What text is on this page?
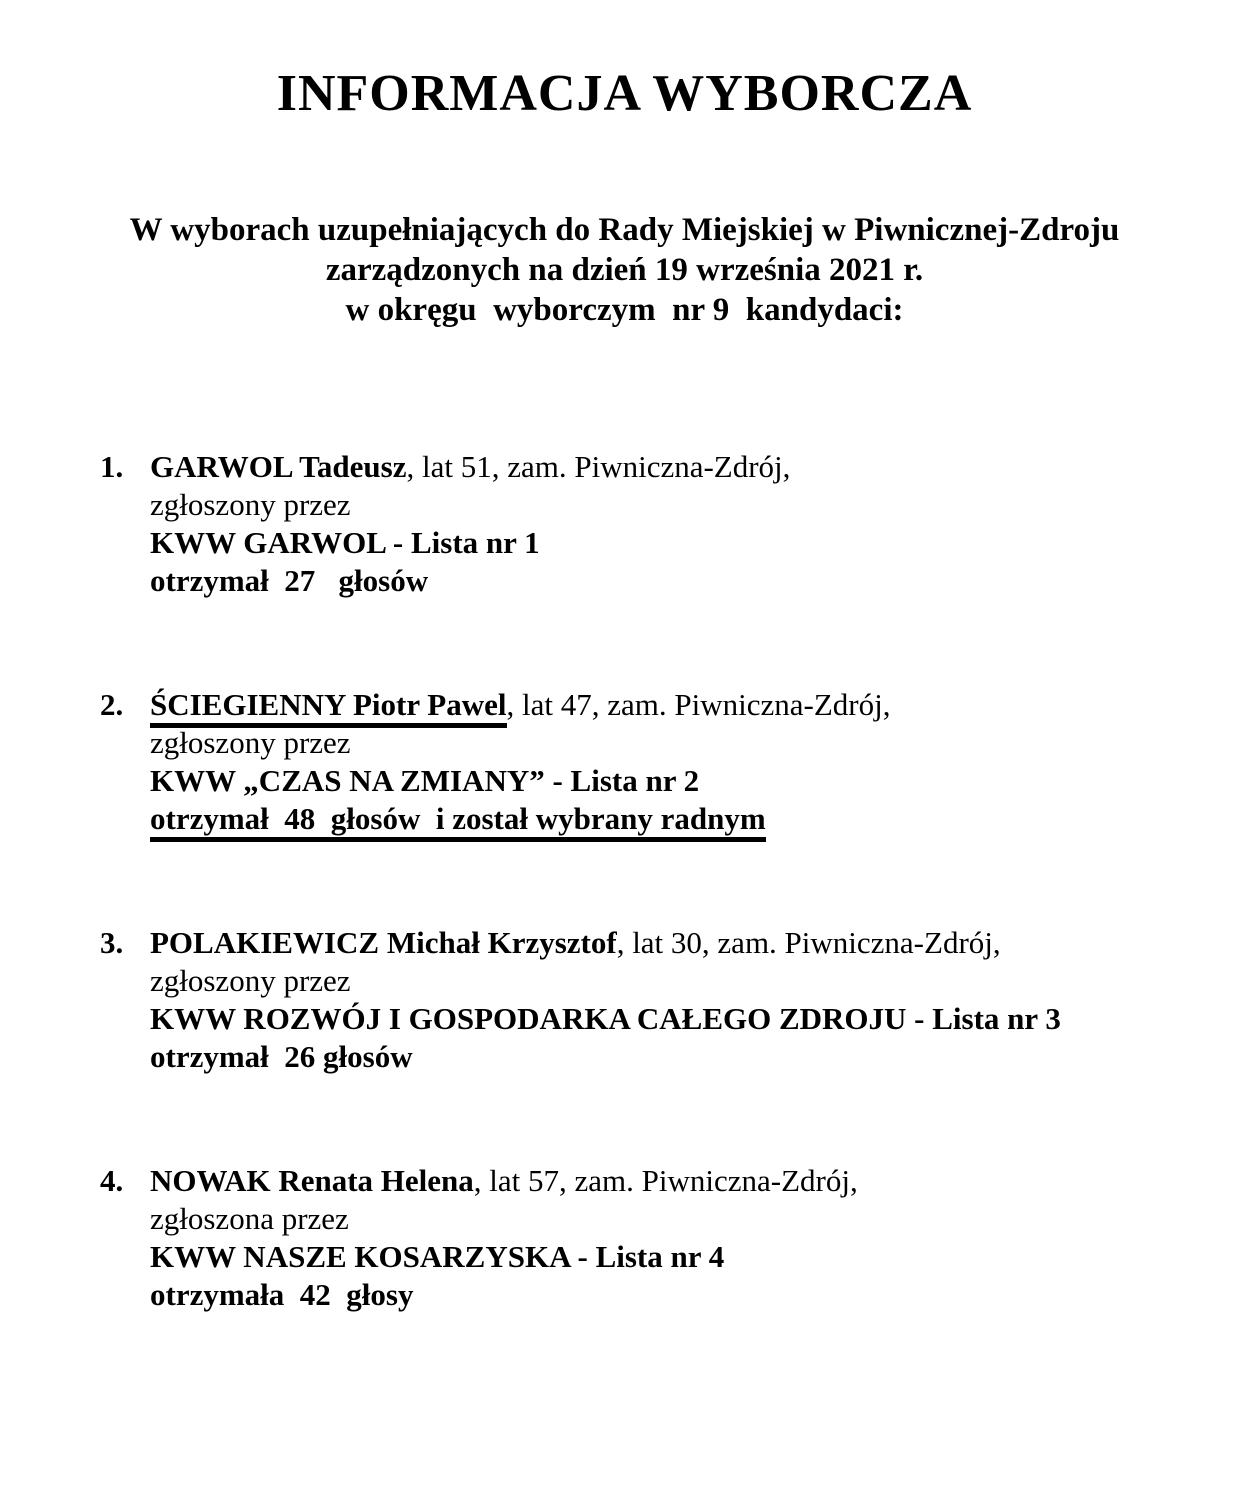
INFORMACJA WYBORCZA
W wyborach uzupełniających do Rady Miejskiej w Piwnicznej-Zdroju
zarządzonych na dzień 19 września 2021 r.
w okręgu  wyborczym  nr 9  kandydaci:
1. GARWOL Tadeusz, lat 51, zam. Piwniczna-Zdrój,
zgłoszony przez
KWW GARWOL - Lista nr 1
otrzymał  27   głosów
2. ŚCIEGIENNY Piotr Pawel, lat 47, zam. Piwniczna-Zdrój,
zgłoszony przez
KWW „CZAS NA ZMIANY” - Lista nr 2
otrzymał  48  głosów  i został wybrany radnym
3. POLAKIEWICZ Michał Krzysztof, lat 30, zam. Piwniczna-Zdrój,
zgłoszony przez
KWW ROZWÓJ I GOSPODARKA CAŁEGO ZDROJU - Lista nr 3
otrzymał  26 głosów
4. NOWAK Renata Helena, lat 57, zam. Piwniczna-Zdrój,
zgłoszona przez
KWW NASZE KOSARZYSKA - Lista nr 4
otrzymała  42  głosy
